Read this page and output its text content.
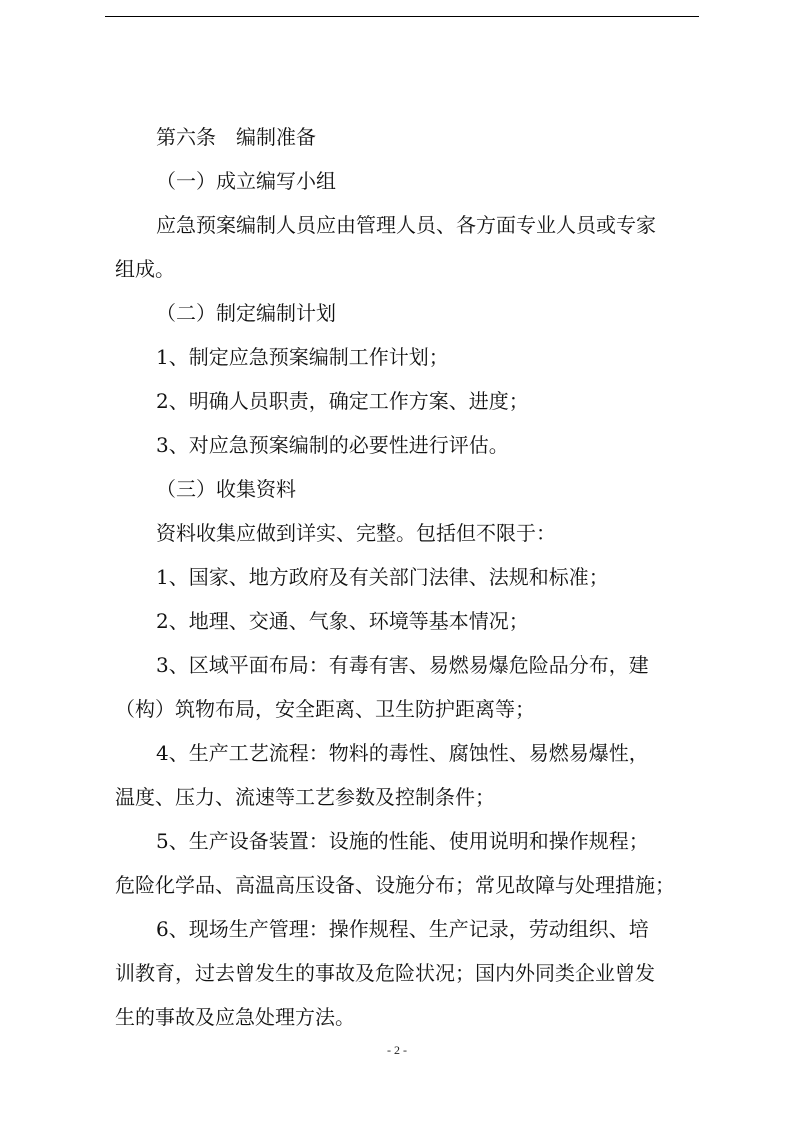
第六条　编制准备
（一）成立编写小组
应急预案编制人员应由管理人员、各方面专业人员或专家
组成。
（二）制定编制计划
1、制定应急预案编制工作计划；
2、明确人员职责，确定工作方案、进度；
3、对应急预案编制的必要性进行评估。
（三）收集资料
资料收集应做到详实、完整。包括但不限于：
1、国家、地方政府及有关部门法律、法规和标准；
2、地理、交通、气象、环境等基本情况；
3、区域平面布局：有毒有害、易燃易爆危险品分布，建
（构）筑物布局，安全距离、卫生防护距离等；
4、生产工艺流程：物料的毒性、腐蚀性、易燃易爆性，
温度、压力、流速等工艺参数及控制条件；
5、生产设备装置：设施的性能、使用说明和操作规程；
危险化学品、高温高压设备、设施分布；常见故障与处理措施；
6、现场生产管理：操作规程、生产记录，劳动组织、培
训教育，过去曾发生的事故及危险状况；国内外同类企业曾发
生的事故及应急处理方法。
- 2 -
